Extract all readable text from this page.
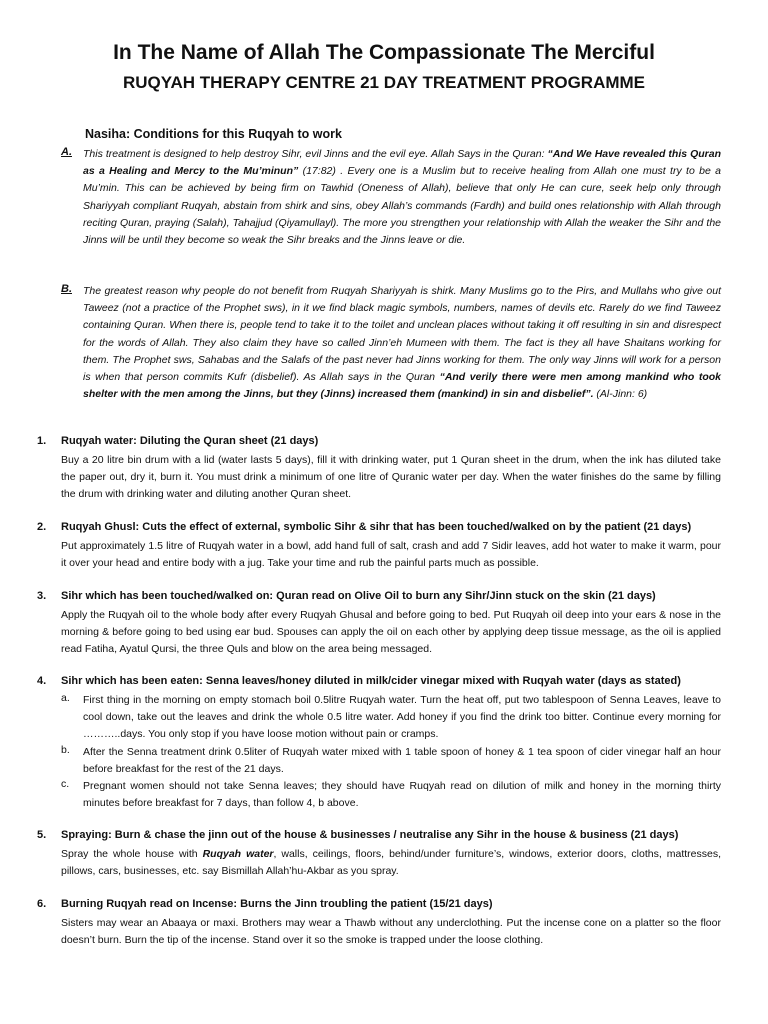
In The Name of Allah The Compassionate The Merciful
RUQYAH THERAPY CENTRE 21 DAY TREATMENT PROGRAMME
Nasiha: Conditions for this Ruqyah to work
A. This treatment is designed to help destroy Sihr, evil Jinns and the evil eye. Allah Says in the Quran: “And We Have revealed this Quran as a Healing and Mercy to the Mu’minun” (17:82) . Every one is a Muslim but to receive healing from Allah one must try to be a Mu’min. This can be achieved by being firm on Tawhid (Oneness of Allah), believe that only He can cure, seek help only through Shariyyah compliant Ruqyah, abstain from shirk and sins, obey Allah’s commands (Fardh) and build ones relationship with Allah through reciting Quran, praying (Salah), Tahajjud (Qiyamullayl). The more you strengthen your relationship with Allah the weaker the Sihr and the Jinns will be until they become so weak the Sihr breaks and the Jinns leave or die.

B. The greatest reason why people do not benefit from Ruqyah Shariyyah is shirk. Many Muslims go to the Pirs, and Mullahs who give out Taweez (not a practice of the Prophet sws), in it we find black magic symbols, numbers, names of devils etc. Rarely do we find Taweez containing Quran. When there is, people tend to take it to the toilet and unclean places without taking it off resulting in sin and disrespect for the words of Allah. They also claim they have so called Jinn’eh Mumeen with them. The fact is they all have Shaitans working for them. The Prophet sws, Sahabas and the Salafs of the past never had Jinns working for them. The only way Jinns will work for a person is when that person commits Kufr (disbelief). As Allah says in the Quran “And verily there were men among mankind who took shelter with the men among the Jinns, but they (Jinns) increased them (mankind) in sin and disbelief”. (Al-Jinn: 6)

1. Ruqyah water: Diluting the Quran sheet (21 days)

Buy a 20 litre bin drum with a lid (water lasts 5 days), fill it with drinking water, put 1 Quran sheet in the drum, when the ink has diluted take the paper out, dry it, burn it. You must drink a minimum of one litre of Quranic water per day. When the water finishes do the same by filling the drum with drinking water and diluting another Quran sheet.

2. Ruqyah Ghusl: Cuts the effect of external, symbolic Sihr & sihr that has been touched/walked on by the patient (21 days)

Put approximately 1.5 litre of Ruqyah water in a bowl, add hand full of salt, crash and add 7 Sidir leaves, add hot water to make it warm, pour it over your head and entire body with a jug. Take your time and rub the painful parts much as possible.

3. Sihr which has been touched/walked on: Quran read on Olive Oil to burn any Sihr/Jinn stuck on the skin (21 days)

Apply the Ruqyah oil to the whole body after every Ruqyah Ghusal and before going to bed. Put Ruqyah oil deep into your ears & nose in the morning & before going to bed using ear bud. Spouses can apply the oil on each other by applying deep tissue message, as the oil is applied read Fatiha, Ayatul Qursi, the three Quls and blow on the area being messaged.

4. Sihr which has been eaten: Senna leaves/honey diluted in milk/cider vinegar mixed with Ruqyah water (days as stated)
a. First thing in the morning on empty stomach boil 0.5litre Ruqyah water. Turn the heat off, put two tablespoon of Senna Leaves, leave to cool down, take out the leaves and drink the whole 0.5 litre water. Add honey if you find the drink too bitter. Continue every morning for ………..days. You only stop if you have loose motion without pain or cramps.

b. After the Senna treatment drink 0.5liter of Ruqyah water mixed with 1 table spoon of honey & 1 tea spoon of cider vinegar half an hour before breakfast for the rest of the 21 days.

c. Pregnant women should not take Senna leaves; they should have Ruqyah read on dilution of milk and honey in the morning thirty minutes before breakfast for 7 days, than follow 4, b above.

5. Spraying: Burn & chase the jinn out of the house & businesses / neutralise any Sihr in the house & business (21 days)

Spray the whole house with Ruqyah water, walls, ceilings, floors, behind/under furniture’s, windows, exterior doors, cloths, mattresses, pillows, cars, businesses, etc. say Bismillah Allah’hu-Akbar as you spray.

6. Burning Ruqyah read on Incense: Burns the Jinn troubling the patient (15/21 days)

Sisters may wear an Abaaya or maxi. Brothers may wear a Thawb without any underclothing. Put the incense cone on a platter so the floor doesn’t burn. Burn the tip of the incense. Stand over it so the smoke is trapped under the loose clothing.
